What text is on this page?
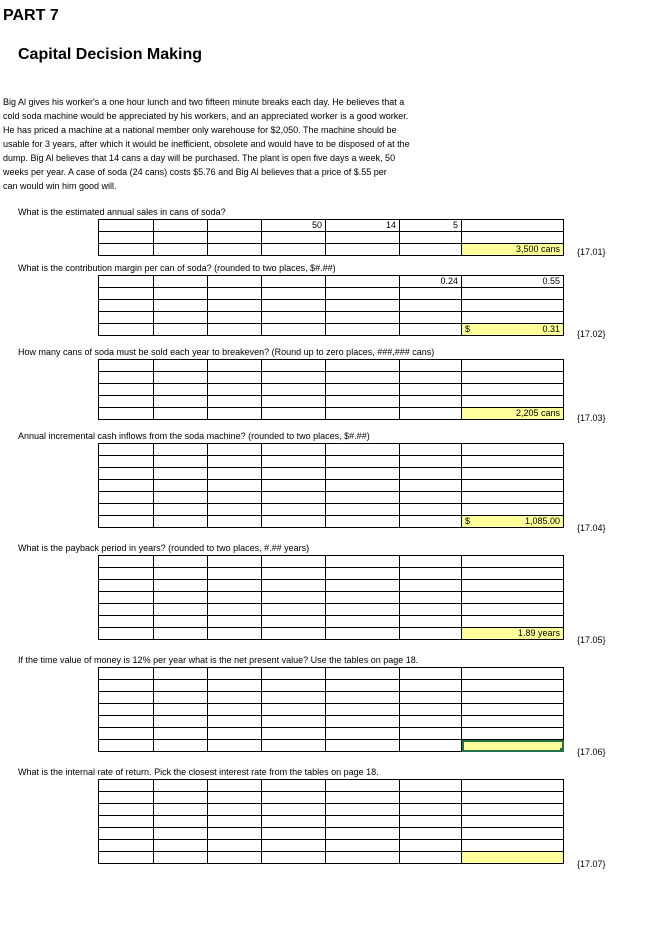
PART 7
Capital Decision Making

Big Al gives his worker's a one hour lunch and two fifteen minute breaks each day. He believes that a

cold soda machine would be appreciated by his workers, and an appreciated worker is a good worker.

He has priced a machine at a national member only warehouse for $2,050. The machine should be

usable for 3 years, after which it would be inefficient, obsolete and would have to be disposed of at the

dump. Big Al believes that 14 cans a day will be purchased. The plant is open five days a week, 50

weeks per year. A case of soda (24 cans) costs $5.76 and Big Al believes that a price of $.55 per

can would win him good will.

What is the estimated annual sales in cans of soda?
			50	14	5	

						3,500 cans {17.01}
What is the contribution margin per can of soda? (rounded to two places, $#.##)
					0.24	0.55

						$ 0.31 {17.02}
How many cans of soda must be sold each year to breakeven? (Round up to zero places, ###,### cans)

						2,205 cans {17.03}
Annual incremental cash inflows from the soda machine? (rounded to two places, $#.##)

						$ 1,085.00
{17.04}
What is the payback period in years? (rounded to two places, #.## years)

						1.89 years
{17.05}
If the time value of money is 12% per year what is the net present value? Use the tables on page 18.

{17.06}
What is the internal rate of return. Pick the closest interest rate from the tables on page 18.

{17.07}
